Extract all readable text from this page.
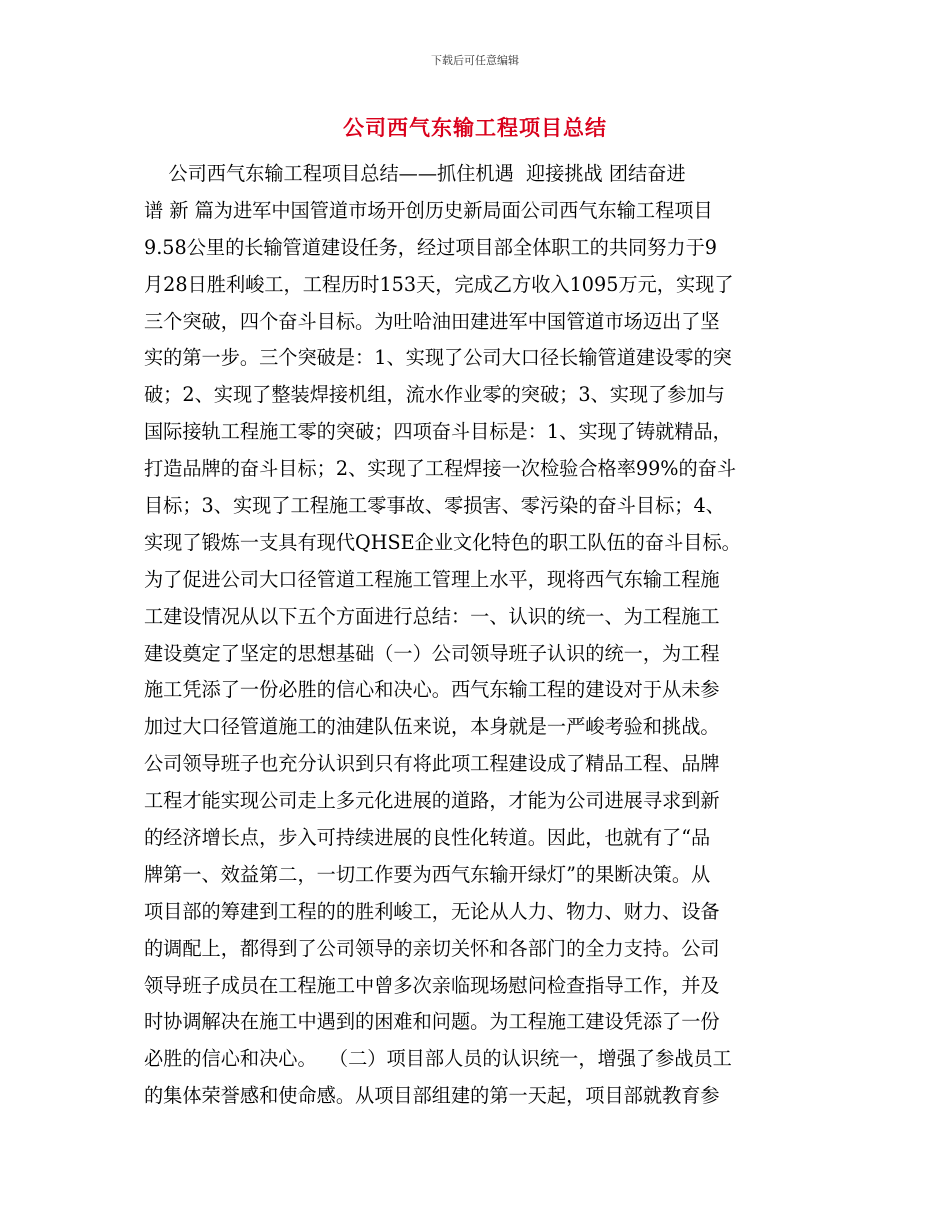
下载后可任意编辑
公司西气东输工程项目总结
公司西气东输工程项目总结——抓住机遇  迎接挑战 团结奋进
谱 新 篇为进军中国管道市场开创历史新局面公司西气东输工程项目
9.58公里的长输管道建设任务，经过项目部全体职工的共同努力于9
月28日胜利峻工，工程历时153天，完成乙方收入1095万元，实现了
三个突破，四个奋斗目标。为吐哈油田建进军中国管道市场迈出了坚
实的第一步。三个突破是：1、实现了公司大口径长输管道建设零的突
破；2、实现了整装焊接机组，流水作业零的突破；3、实现了参加与
国际接轨工程施工零的突破；四项奋斗目标是：1、实现了铸就精品，
打造品牌的奋斗目标；2、实现了工程焊接一次检验合格率99%的奋斗
目标；3、实现了工程施工零事故、零损害、零污染的奋斗目标；4、
实现了锻炼一支具有现代QHSE企业文化特色的职工队伍的奋斗目标。
为了促进公司大口径管道工程施工管理上水平，现将西气东输工程施
工建设情况从以下五个方面进行总结：一、认识的统一、为工程施工
建设奠定了坚定的思想基础（一）公司领导班子认识的统一，为工程
施工凭添了一份必胜的信心和决心。西气东输工程的建设对于从未参
加过大口径管道施工的油建队伍来说，本身就是一严峻考验和挑战。
公司领导班子也充分认识到只有将此项工程建设成了精品工程、品牌
工程才能实现公司走上多元化进展的道路，才能为公司进展寻求到新
的经济增长点，步入可持续进展的良性化转道。因此，也就有了“品
牌第一、效益第二，一切工作要为西气东输开绿灯”的果断决策。从
项目部的筹建到工程的的胜利峻工，无论从人力、物力、财力、设备
的调配上，都得到了公司领导的亲切关怀和各部门的全力支持。公司
领导班子成员在工程施工中曾多次亲临现场慰问检查指导工作，并及
时协调解决在施工中遇到的困难和问题。为工程施工建设凭添了一份
必胜的信心和决心。  （二）项目部人员的认识统一，增强了参战员工
的集体荣誉感和使命感。从项目部组建的第一天起，项目部就教育参
